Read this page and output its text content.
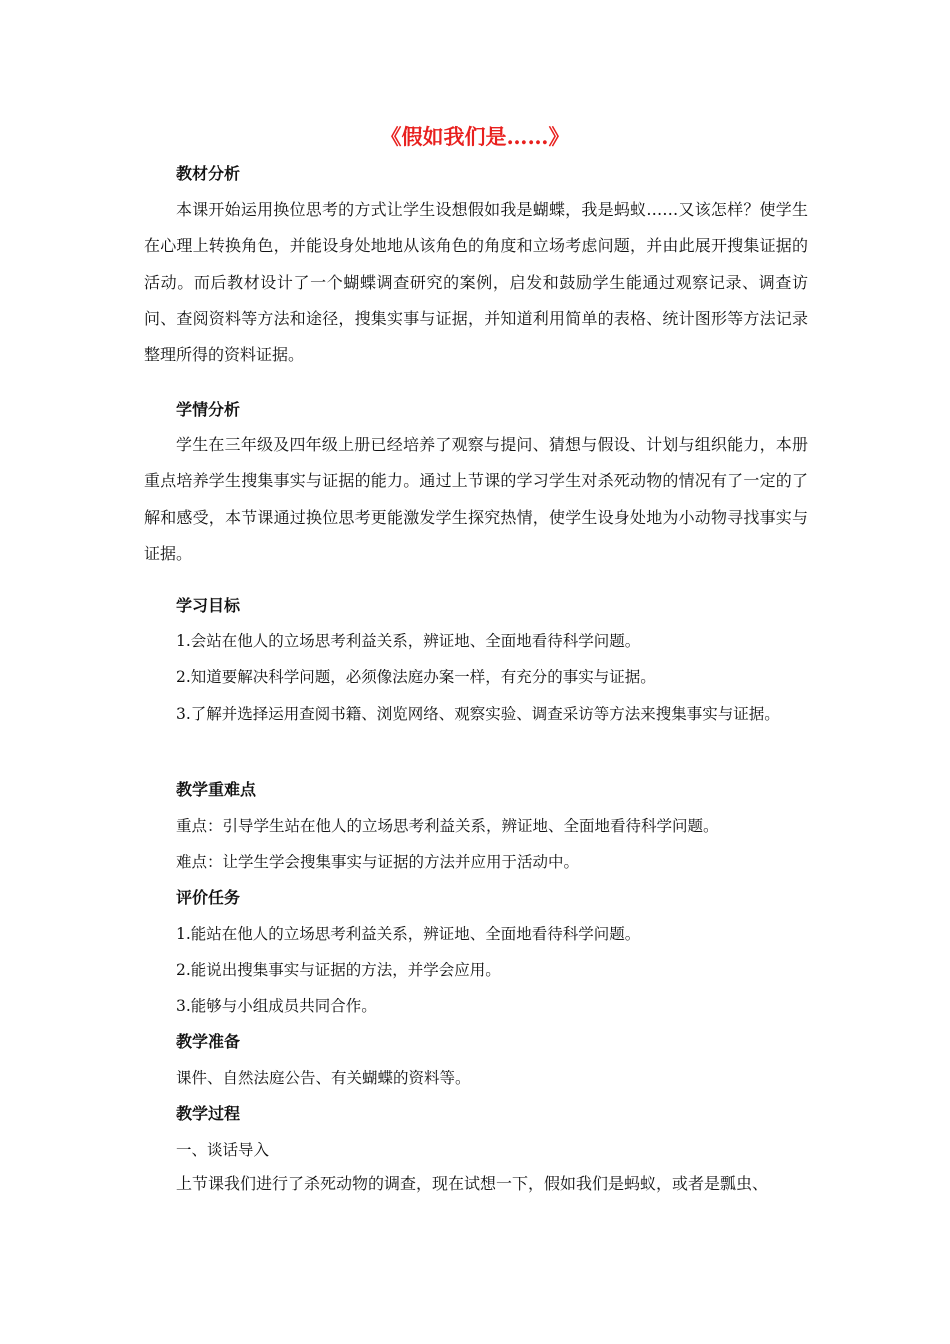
《假如我们是……》
教材分析
本课开始运用换位思考的方式让学生设想假如我是蝴蝶，我是蚂蚁……又该怎样？使学生在心理上转换角色，并能设身处地地从该角色的角度和立场考虑问题，并由此展开搜集证据的活动。而后教材设计了一个蝴蝶调查研究的案例，启发和鼓励学生能通过观察记录、调查访问、查阅资料等方法和途径，搜集实事与证据，并知道利用简单的表格、统计图形等方法记录整理所得的资料证据。
学情分析
学生在三年级及四年级上册已经培养了观察与提问、猜想与假设、计划与组织能力，本册重点培养学生搜集事实与证据的能力。通过上节课的学习学生对杀死动物的情况有了一定的了解和感受，本节课通过换位思考更能激发学生探究热情，使学生设身处地为小动物寻找事实与证据。
学习目标
1.会站在他人的立场思考利益关系，辨证地、全面地看待科学问题。
2.知道要解决科学问题，必须像法庭办案一样，有充分的事实与证据。
3.了解并选择运用查阅书籍、浏览网络、观察实验、调查采访等方法来搜集事实与证据。
教学重难点
重点：引导学生站在他人的立场思考利益关系，辨证地、全面地看待科学问题。
难点：让学生学会搜集事实与证据的方法并应用于活动中。
评价任务
1.能站在他人的立场思考利益关系，辨证地、全面地看待科学问题。
2.能说出搜集事实与证据的方法，并学会应用。
3.能够与小组成员共同合作。
教学准备
课件、自然法庭公告、有关蝴蝶的资料等。
教学过程
一、谈话导入
上节课我们进行了杀死动物的调查，现在试想一下，假如我们是蚂蚁，或者是瓢虫、
